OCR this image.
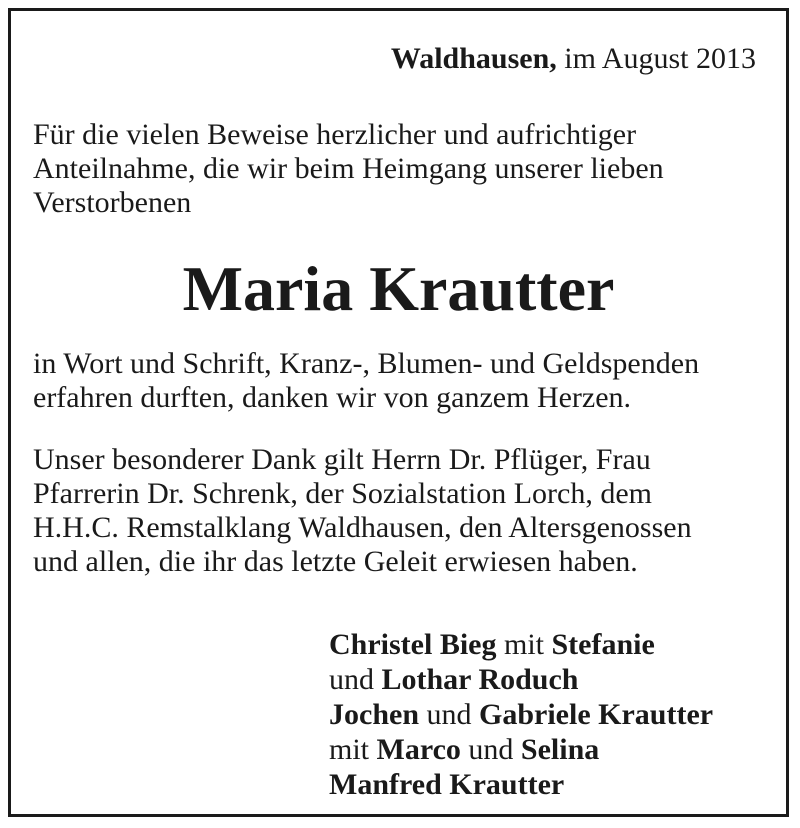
Waldhausen, im August 2013
Für die vielen Beweise herzlicher und aufrichtiger
Anteilnahme, die wir beim Heimgang unserer lieben
Verstorbenen
Maria Krautter
in Wort und Schrift, Kranz-, Blumen- und Geldspenden
erfahren durften, danken wir von ganzem Herzen.
Unser besonderer Dank gilt Herrn Dr. Pflüger, Frau
Pfarrerin Dr. Schrenk, der Sozialstation Lorch, dem
H.H.C. Remstalklang Waldhausen, den Altersgenossen
und allen, die ihr das letzte Geleit erwiesen haben.
Christel Bieg mit Stefanie
und Lothar Roduch
Jochen und Gabriele Krautter
mit Marco und Selina
Manfred Krautter
